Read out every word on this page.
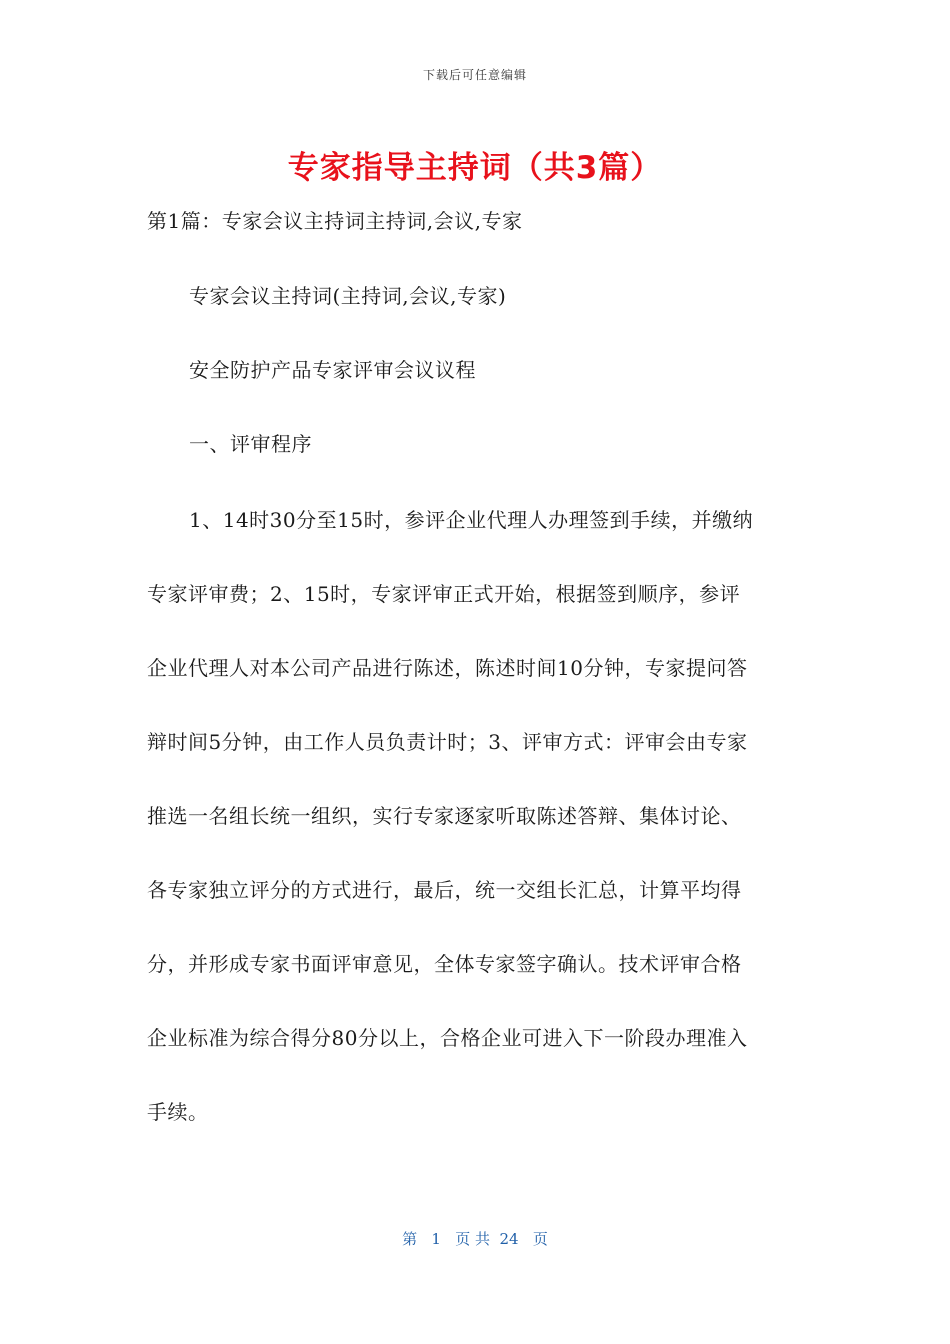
下载后可任意编辑
专家指导主持词（共3篇）
第1篇：专家会议主持词主持词,会议,专家
专家会议主持词(主持词,会议,专家)
安全防护产品专家评审会议议程
一、评审程序
1、14时30分至15时，参评企业代理人办理签到手续，并缴纳
专家评审费；2、15时，专家评审正式开始，根据签到顺序，参评
企业代理人对本公司产品进行陈述，陈述时间10分钟，专家提问答
辩时间5分钟，由工作人员负责计时；3、评审方式：评审会由专家
推选一名组长统一组织，实行专家逐家听取陈述答辩、集体讨论、
各专家独立评分的方式进行，最后，统一交组长汇总，计算平均得
分，并形成专家书面评审意见，全体专家签字确认。技术评审合格
企业标准为综合得分80分以上，合格企业可进入下一阶段办理准入
手续。
第   1   页 共  24   页
